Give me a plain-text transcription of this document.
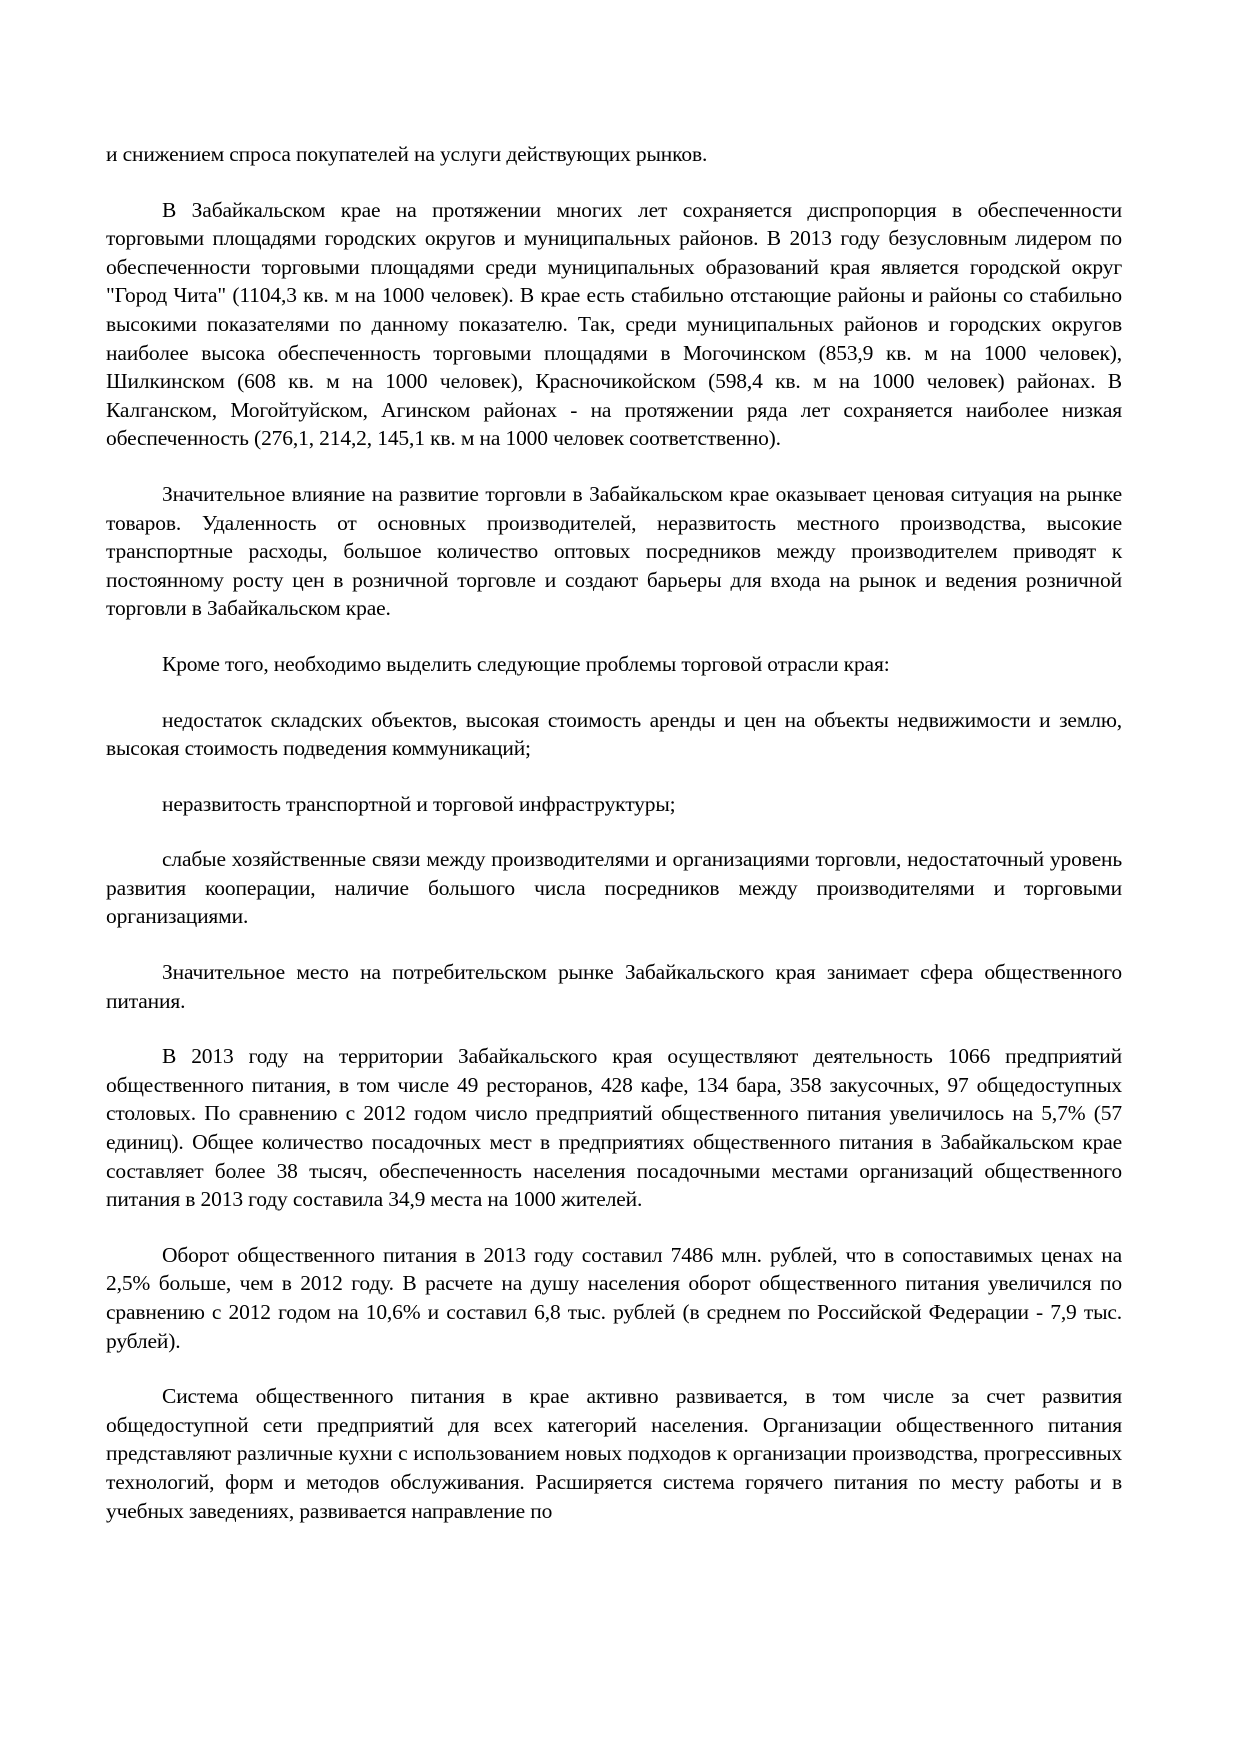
и снижением спроса покупателей на услуги действующих рынков.

В Забайкальском крае на протяжении многих лет сохраняется диспропорция в обеспеченности торговыми площадями городских округов и муниципальных районов. В 2013 году безусловным лидером по обеспеченности торговыми площадями среди муниципальных образований края является городской округ "Город Чита" (1104,3 кв. м на 1000 человек). В крае есть стабильно отстающие районы и районы со стабильно высокими показателями по данному показателю. Так, среди муниципальных районов и городских округов наиболее высока обеспеченность торговыми площадями в Могочинском (853,9 кв. м на 1000 человек), Шилкинском (608 кв. м на 1000 человек), Красночикойском (598,4 кв. м на 1000 человек) районах. В Калганском, Могойтуйском, Агинском районах - на протяжении ряда лет сохраняется наиболее низкая обеспеченность (276,1, 214,2, 145,1 кв. м на 1000 человек соответственно).

Значительное влияние на развитие торговли в Забайкальском крае оказывает ценовая ситуация на рынке товаров. Удаленность от основных производителей, неразвитость местного производства, высокие транспортные расходы, большое количество оптовых посредников между производителем приводят к постоянному росту цен в розничной торговле и создают барьеры для входа на рынок и ведения розничной торговли в Забайкальском крае.

Кроме того, необходимо выделить следующие проблемы торговой отрасли края:

недостаток складских объектов, высокая стоимость аренды и цен на объекты недвижимости и землю, высокая стоимость подведения коммуникаций;

неразвитость транспортной и торговой инфраструктуры;

слабые хозяйственные связи между производителями и организациями торговли, недостаточный уровень развития кооперации, наличие большого числа посредников между производителями и торговыми организациями.

Значительное место на потребительском рынке Забайкальского края занимает сфера общественного питания.

В 2013 году на территории Забайкальского края осуществляют деятельность 1066 предприятий общественного питания, в том числе 49 ресторанов, 428 кафе, 134 бара, 358 закусочных, 97 общедоступных столовых. По сравнению с 2012 годом число предприятий общественного питания увеличилось на 5,7% (57 единиц). Общее количество посадочных мест в предприятиях общественного питания в Забайкальском крае составляет более 38 тысяч, обеспеченность населения посадочными местами организаций общественного питания в 2013 году составила 34,9 места на 1000 жителей.

Оборот общественного питания в 2013 году составил 7486 млн. рублей, что в сопоставимых ценах на 2,5% больше, чем в 2012 году. В расчете на душу населения оборот общественного питания увеличился по сравнению с 2012 годом на 10,6% и составил 6,8 тыс. рублей (в среднем по Российской Федерации - 7,9 тыс. рублей).

Система общественного питания в крае активно развивается, в том числе за счет развития общедоступной сети предприятий для всех категорий населения. Организации общественного питания представляют различные кухни с использованием новых подходов к организации производства, прогрессивных технологий, форм и методов обслуживания. Расширяется система горячего питания по месту работы и в учебных заведениях, развивается направление по
